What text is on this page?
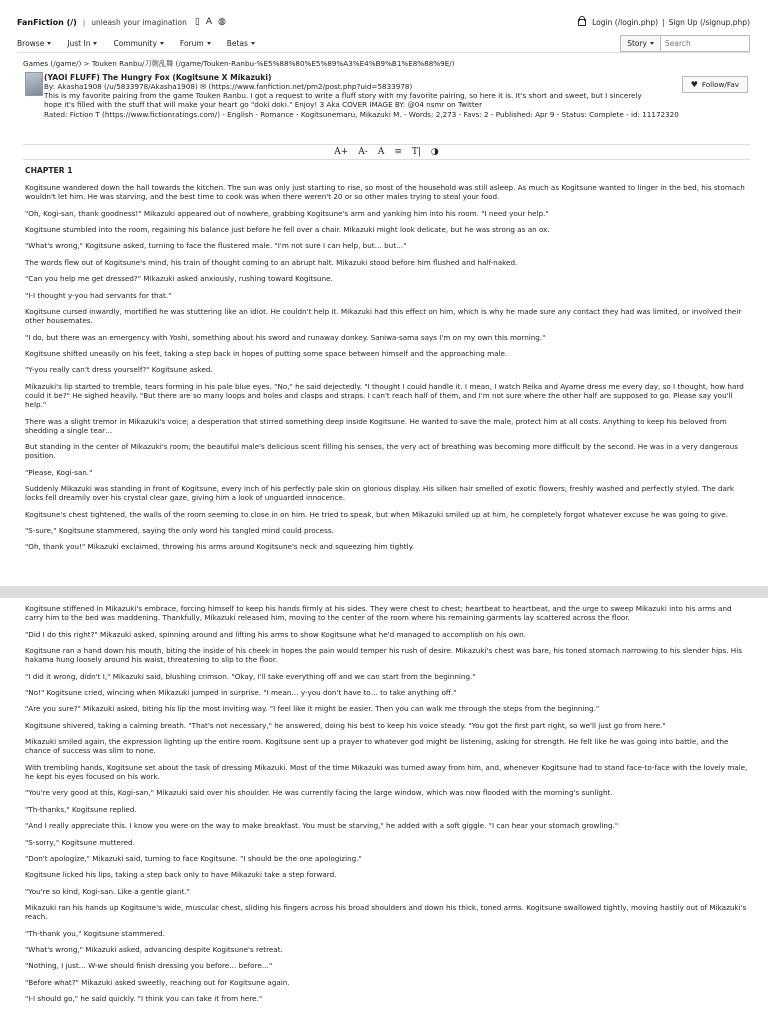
FanFiction (/) | unleash your imagination ▯ A ◍	Login (/login.php) | Sign Up (/signup.php)
Browse	Just In	Community	Forum	Betas	Story
Search
Games (/game/) > Touken Ranbu/刀剣乱舞 (/game/Touken-Ranbu-%E5%88%80%E5%89%A3%E4%B9%B1%E8%88%9E/)
(YAOI FLUFF) The Hungry Fox (Kogitsune X Mikazuki)
By: Akasha1908 (/u/5833978/Akasha1908) ✉ (https://www.fanfiction.net/pm2/post.php?uid=5833978)
This is my favorite pairing from the game Touken Ranbu. I got a request to write a fluff story with my favorite pairing, so here it is. It's short and sweet, but I sincerely hope it's filled with the stuff that will make your heart go "doki doki." Enjoy! 3 Aka COVER IMAGE BY: @04 nsmr on Twitter
Rated: Fiction T (https://www.fictionratings.com/) - English - Romance - Kogitsunemaru, Mikazuki M. - Words: 2,273 - Favs: 2 - Published: Apr 9 - Status: Complete - id: 11172320
♥ Follow/Fav
A+ A- A ≡ T| ◑
CHAPTER 1

Kogitsune wandered down the hall towards the kitchen. The sun was only just starting to rise, so most of the household was still asleep. As much as Kogitsune wanted to linger in the bed, his stomach wouldn't let him. He was starving, and the best time to cook was when there weren't 20 or so other males trying to steal your food.

"Oh, Kogi-san, thank goodness!" Mikazuki appeared out of nowhere, grabbing Kogitsune's arm and yanking him into his room. "I need your help."

Kogitsune stumbled into the room, regaining his balance just before he fell over a chair. Mikazuki might look delicate, but he was strong as an ox.

"What's wrong," Kogitsune asked, turning to face the flustered male. "I'm not sure I can help, but… but…"

The words flew out of Kogitsune's mind, his train of thought coming to an abrupt halt. Mikazuki stood before him flushed and half-naked.

"Can you help me get dressed?" Mikazuki asked anxiously, rushing toward Kogitsune.

"I-I thought y-you had servants for that."

Kogitsune cursed inwardly, mortified he was stuttering like an idiot. He couldn't help it. Mikazuki had this effect on him, which is why he made sure any contact they had was limited, or involved their other housemates.

"I do, but there was an emergency with Yoshi, something about his sword and runaway donkey. Saniwa-sama says I'm on my own this morning."

Kogitsune shifted uneasily on his feet, taking a step back in hopes of putting some space between himself and the approaching male.

"Y-you really can't dress yourself?" Kogitsune asked.

Mikazuki's lip started to tremble, tears forming in his pale blue eyes. "No," he said dejectedly. "I thought I could handle it. I mean, I watch Reika and Ayame dress me every day, so I thought, how hard could it be?" He sighed heavily. "But there are so many loops and holes and clasps and straps. I can't reach half of them, and I'm not sure where the other half are supposed to go. Please say you'll help."

There was a slight tremor in Mikazuki's voice; a desperation that stirred something deep inside Kogitsune. He wanted to save the male, protect him at all costs. Anything to keep his beloved from shedding a single tear…

But standing in the center of Mikazuki's room; the beautiful male's delicious scent filling his senses, the very act of breathing was becoming more difficult by the second. He was in a very dangerous position.

"Please, Kogi-san."

Suddenly Mikazuki was standing in front of Kogitsune, every inch of his perfectly pale skin on glorious display. His silken hair smelled of exotic flowers; freshly washed and perfectly styled. The dark locks fell dreamily over his crystal clear gaze, giving him a look of unguarded innocence.

Kogitsune's chest tightened, the walls of the room seeming to close in on him. He tried to speak, but when Mikazuki smiled up at him, he completely forgot whatever excuse he was going to give.

"S-sure," Kogitsune stammered, saying the only word his tangled mind could process.

"Oh, thank you!" Mikazuki exclaimed, throwing his arms around Kogitsune's neck and squeezing him tightly.

Kogitsune stiffened in Mikazuki's embrace, forcing himself to keep his hands firmly at his sides. They were chest to chest; heartbeat to heartbeat, and the urge to sweep Mikazuki into his arms and carry him to the bed was maddening. Thankfully, Mikazuki released him, moving to the center of the room where his remaining garments lay scattered across the floor.

"Did I do this right?" Mikazuki asked, spinning around and lifting his arms to show Kogitsune what he'd managed to accomplish on his own.

Kogitsune ran a hand down his mouth, biting the inside of his cheek in hopes the pain would temper his rush of desire. Mikazuki's chest was bare, his toned stomach narrowing to his slender hips. His hakama hung loosely around his waist, threatening to slip to the floor.

"I did it wrong, didn't I," Mikazuki said, blushing crimson. "Okay, I'll take everything off and we can start from the beginning."

"No!" Kogitsune cried, wincing when Mikazuki jumped in surprise. "I mean… y-you don't have to… to take anything off."

"Are you sure?" Mikazuki asked, biting his lip the most inviting way. "I feel like it might be easier. Then you can walk me through the steps from the beginning."

Kogitsune shivered, taking a calming breath. "That's not necessary," he answered, doing his best to keep his voice steady. "You got the first part right, so we'll just go from here."

Mikazuki smiled again, the expression lighting up the entire room. Kogitsune sent up a prayer to whatever god might be listening, asking for strength. He felt like he was going into battle, and the chance of success was slim to none.

With trembling hands, Kogitsune set about the task of dressing Mikazuki. Most of the time Mikazuki was turned away from him, and, whenever Kogitsune had to stand face-to-face with the lovely male, he kept his eyes focused on his work.

"You're very good at this, Kogi-san," Mikazuki said over his shoulder. He was currently facing the large window, which was now flooded with the morning's sunlight.

"Th-thanks," Kogitsune replied.

"And I really appreciate this. I know you were on the way to make breakfast. You must be starving," he added with a soft giggle. "I can hear your stomach growling."

"S-sorry," Kogitsune muttered.

"Don't apologize," Mikazuki said, turning to face Kogitsune. "I should be the one apologizing."

Kogitsune licked his lips, taking a step back only to have Mikazuki take a step forward.

"You're so kind, Kogi-san. Like a gentle giant."

Mikazuki ran his hands up Kogitsune's wide, muscular chest, sliding his fingers across his broad shoulders and down his thick, toned arms. Kogitsune swallowed tightly, moving hastily out of Mikazuki's reach.

"Th-thank you," Kogitsune stammered.

"What's wrong," Mikazuki asked, advancing despite Kogitsune's retreat.

"Nothing, I just… W-we should finish dressing you before… before…"

"Before what?" Mikazuki asked sweetly, reaching out for Kogitsune again.

"I-I should go," he said quickly. "I think you can take it from here."
